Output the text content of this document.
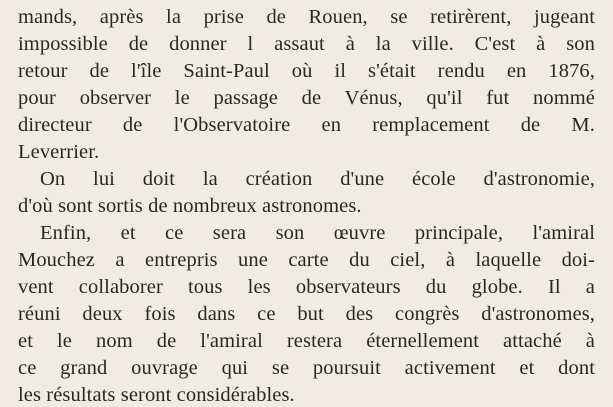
mands, après la prise de Rouen, se retirèrent, jugeant
impossible de donner l assaut à la ville. C'est à son
retour de l'île Saint-Paul où il s'était rendu en 1876,
pour observer le passage de Vénus, qu'il fut nommé
directeur de l'Observatoire en remplacement de M.
Leverrier.
On lui doit la création d'une école d'astronomie,
d'où sont sortis de nombreux astronomes.
Enfin, et ce sera son œuvre principale, l'amiral
Mouchez a entrepris une carte du ciel, à laquelle doi-
vent collaborer tous les observateurs du globe. Il a
réuni deux fois dans ce but des congrès d'astronomes,
et le nom de l'amiral restera éternellement attaché à
ce grand ouvrage qui se poursuit activement et dont
les résultats seront considérables.
